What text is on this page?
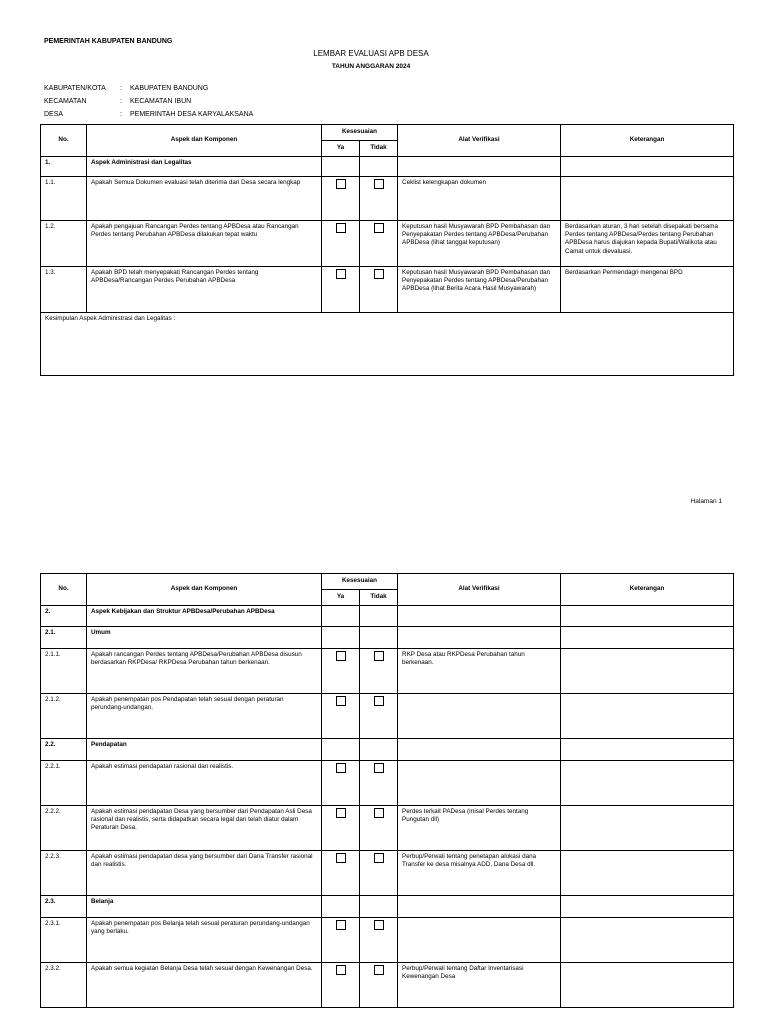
PEMERINTAH KABUPATEN BANDUNG
LEMBAR EVALUASI APB DESA
TAHUN ANGGARAN 2024
KABUPATEN/KOTA	: KABUPATEN BANDUNG
KECAMATAN	: KECAMATAN IBUN
DESA	: PEMERINTAH DESA KARYALAKSANA
No.	Aspek dan Komponen	Kesesuaian		Alat Verifikasi	Keterangan
		Ya	Tidak		
1.	Aspek Administrasi dan Legalitas				
1.1.	Apakah Semua Dokumen evaluasi telah diterima dari Desa secara lengkap			Ceklist kelengkapan dokumen	
1.2.	Apakah pengajuan Rancangan Perdes tentang APBDesa atau Rancangan Perdes tentang Perubahan APBDesa dilakukan tepat waktu			Keputusan hasil Musyawarah BPD Pembahasan dan Penyepakatan Perdes tentang APBDesa/Perubahan APBDesa (lihat tanggal keputusan)	Berdasarkan aturan, 3 hari setelah disepakati bersama Perdes tentang APBDesa/Perdes tentang Perubahan APBDesa harus diajukan kepada Bupati/Walikota atau Camat untuk dievaluasi.
1.3.	Apakah BPD telah menyepakati Rancangan Perdes tentang APBDesa/Rancangan Perdes Perubahan APBDesa			Keputusan hasil Musyawarah BPD Pembahasan dan Penyepakatan Perdes tentang APBDesa/Perubahan APBDesa (lihat Berita Acara Hasil Musyawarah)	Berdasarkan Permendagri mengenai BPD
Kesimpulan Aspek Administrasi dan Legalitas :					
Halaman 1
No.	Aspek dan Komponen	Kesesuaian		Alat Verifikasi	Keterangan
		Ya	Tidak		
2.	Aspek Kebijakan dan Struktur APBDesa/Perubahan APBDesa				
2.1.	Umum				
2.1.1.	Apakah rancangan Perdes tentang APBDesa/Perubahan APBDesa disusun berdasarkan RKPDesa/ RKPDesa Perubahan tahun berkenaan.			RKP Desa atau RKPDesa Perubahan tahun berkenaan.	
2.1.2.	Apakah penempatan pos Pendapatan telah sesual dengan peraturan perundang-undangan.				
2.2.	Pendapatan				
2.2.1.	Apakah estimasi pendapatan rasional dan realistis.				
2.2.2.	Apakah estimasi pendapatan Desa yang bersumber dari Pendapatan Asli Desa rasional dan realistis, serta didapatkan secara legal dan telah diatur dalam Peraturan Desa.			Perdes terkait PADesa (misal Perdes tentang Pungutan dll)	
2.2.3.	Apakah estimasi pendapatan desa yang bersumber dari Dana Transfer rasional dan realistis.			Perbup/Perwali tentang penetapan alokasi dana Transfer ke desa misalnya ADD, Dana Desa dll.	
2.3.	Belanja				
2.3.1.	Apakah penempatan pos Belanja telah sesual peraturan perundang-undangan yang berlaku.				
2.3.2.	Apakah semua kegiatan Belanja Desa telah sesual dengan Kewenangan Desa.			Perbup/Perwali tentang Daftar Inventarisasi Kewenangan Desa	
